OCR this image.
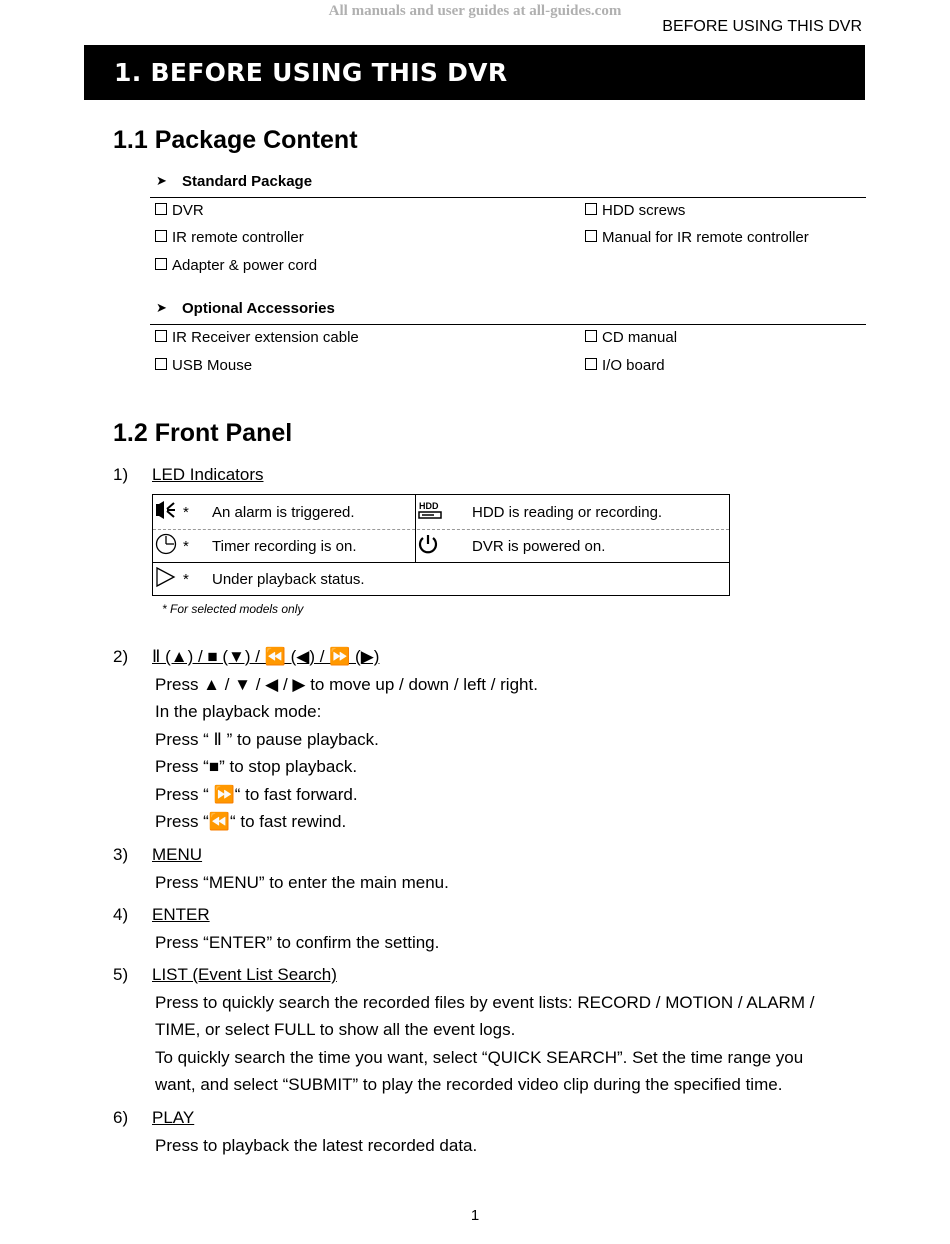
All manuals and user guides at all-guides.com
BEFORE USING THIS DVR
1. BEFORE USING THIS DVR
1.1 Package Content
➤ Standard Package
DVR
IR remote controller
Adapter & power cord
HDD screws
Manual for IR remote controller
➤ Optional Accessories
IR Receiver extension cable
USB Mouse
CD manual
I/O board
1.2 Front Panel
1) LED Indicators
* An alarm is triggered.	HDD HDD is reading or recording.
* Timer recording is on.	DVR is powered on.
* Under playback status.
* For selected models only
2) Ⅱ (▲) / ■ (▼) / ⏪ (◀) / ⏩ (▶)
Press ▲ / ▼ / ◀ / ▶ to move up / down / left / right.
In the playback mode:
Press “ Ⅱ ” to pause playback.
Press “■” to stop playback.
Press “ ⏩“ to fast forward.
Press “⏪“ to fast rewind.
3) MENU
Press “MENU” to enter the main menu.
4) ENTER
Press “ENTER” to confirm the setting.
5) LIST (Event List Search)
Press to quickly search the recorded files by event lists: RECORD / MOTION / ALARM /
TIME, or select FULL to show all the event logs.
To quickly search the time you want, select “QUICK SEARCH”. Set the time range you
want, and select “SUBMIT” to play the recorded video clip during the specified time.
6) PLAY
Press to playback the latest recorded data.
1
